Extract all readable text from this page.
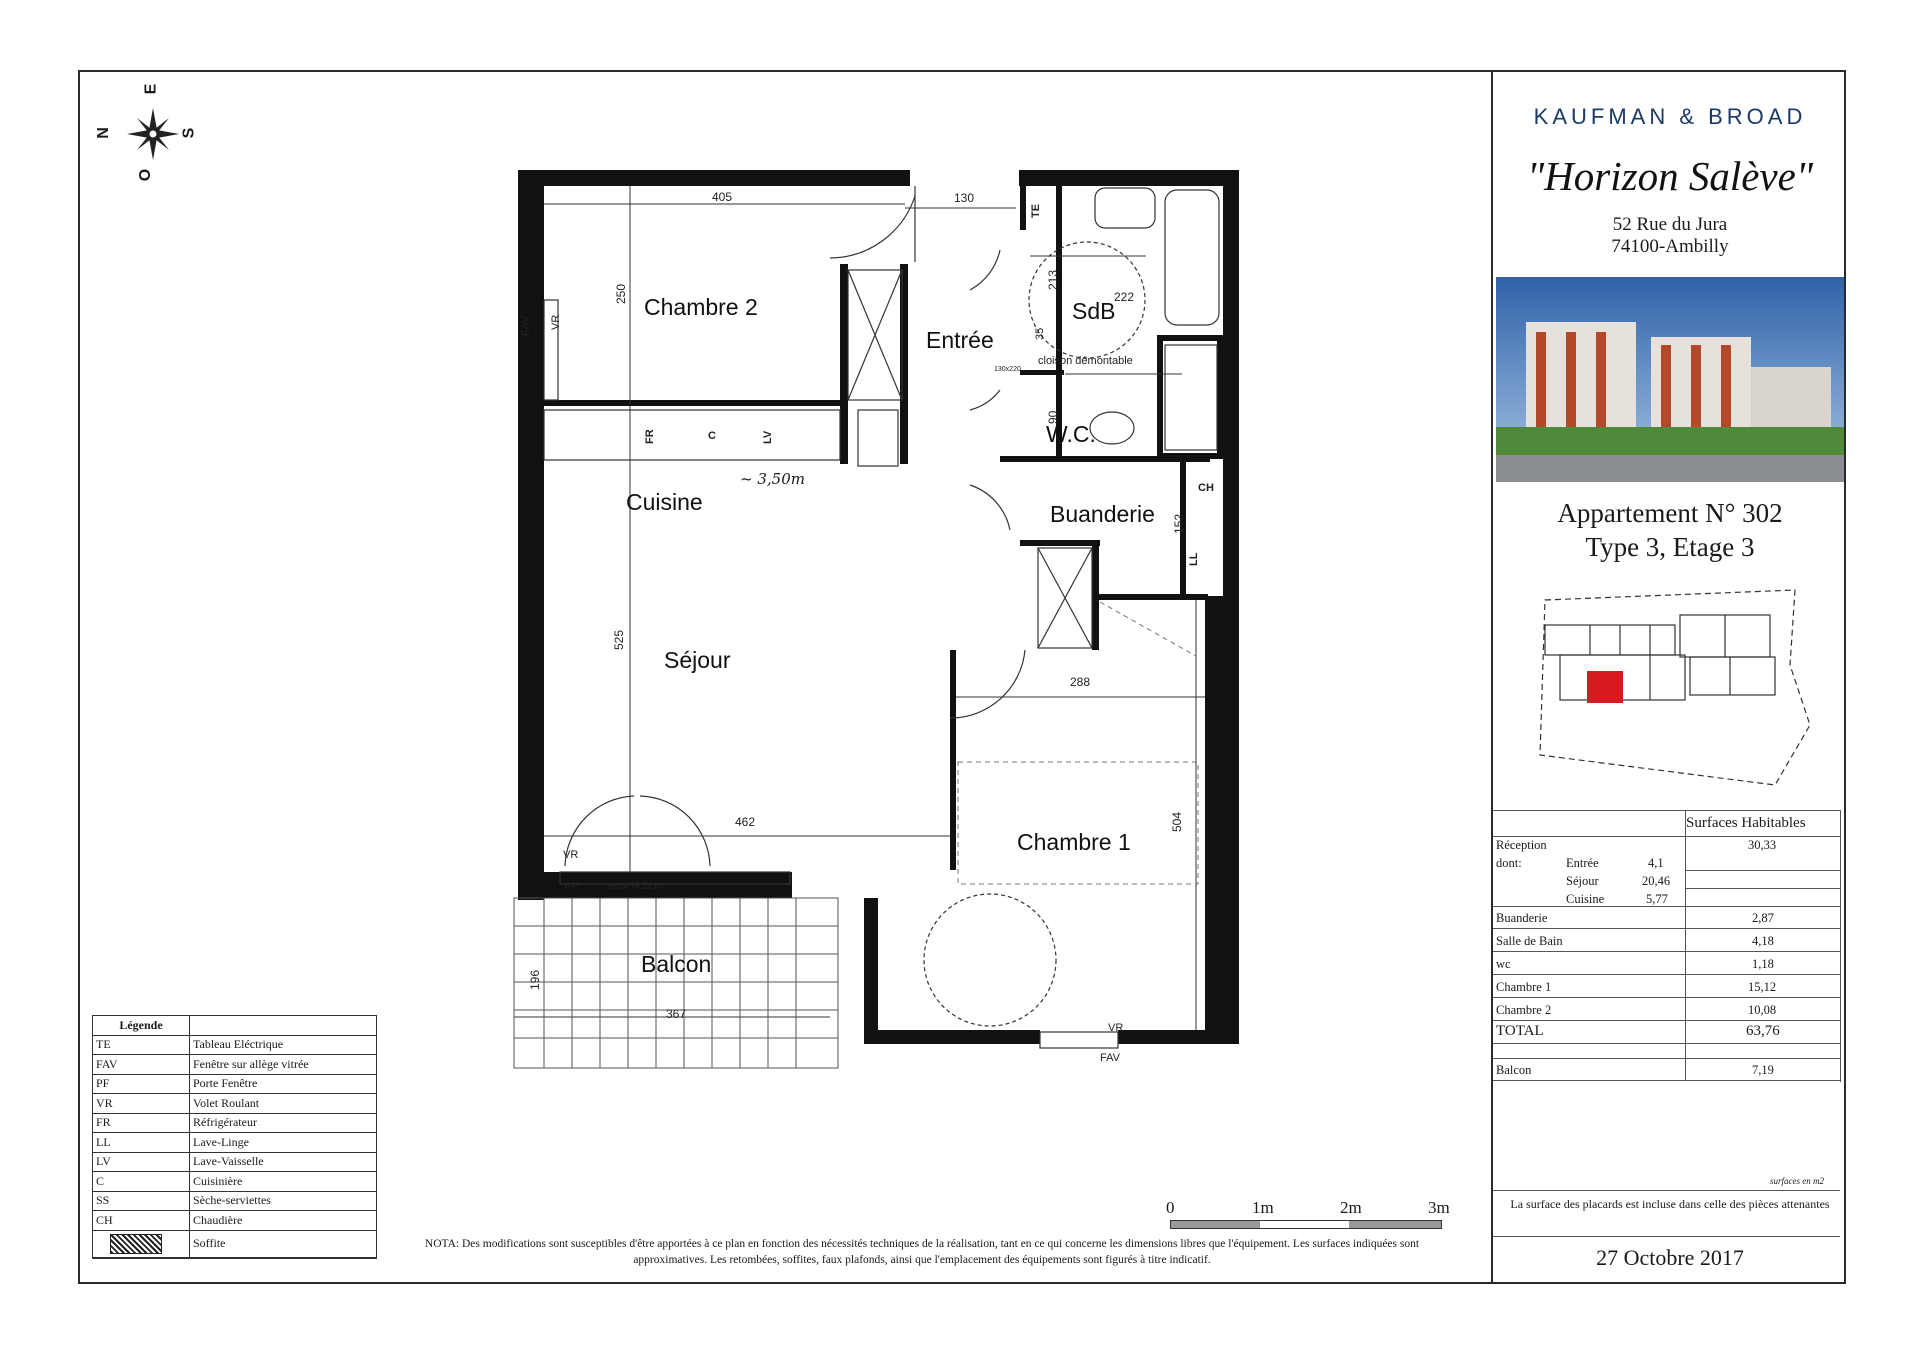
N
E
S
O
Chambre 2
Entrée
SdB
W.C.
Cuisine	Buanderie
Séjour
Chambre 1
Balcon
405	130
250
213
222
90
152
525
288
462	504
196
367
35
TE
FAV VR
FR	C	LV
CH
LL
cloison démontable
130x220
~ 3,50m
VR
PF	seuil H:2cm
VR
FAV
Légende	
TE	Tableau Eléctrique
FAV	Fenêtre sur allège vitrée
PF	Porte Fenêtre
VR	Volet Roulant
FR	Réfrigérateur
LL	Lave-Linge
LV	Lave-Vaisselle
C	Cuisinière
SS	Sèche-serviettes
CH	Chaudière

	Soffite
0	1m	2m	3m
NOTA: Des modifications sont susceptibles d'être apportées à ce plan en fonction des nécessités techniques de la réalisation, tant en ce qui concerne les dimensions libres que l'équipement. Les surfaces indiquées sont approximatives. Les retombées, soffites, faux plafonds, ainsi que l'emplacement des équipements sont figurés à titre indicatif.
KAUFMAN & BROAD
"Horizon Salève"
52 Rue du Jura
74100-Ambilly
Appartement N° 302
Type 3, Etage 3
Surfaces Habitables
Réception	30,33
dont:	Entrée	4,1
Séjour	20,46
Cuisine	5,77
Buanderie	2,87
Salle de Bain	4,18
wc	1,18
Chambre 1	15,12
Chambre 2	10,08
TOTAL	63,76
Balcon	7,19
surfaces en m2
La surface des placards est incluse dans celle des pièces attenantes
27 Octobre 2017
